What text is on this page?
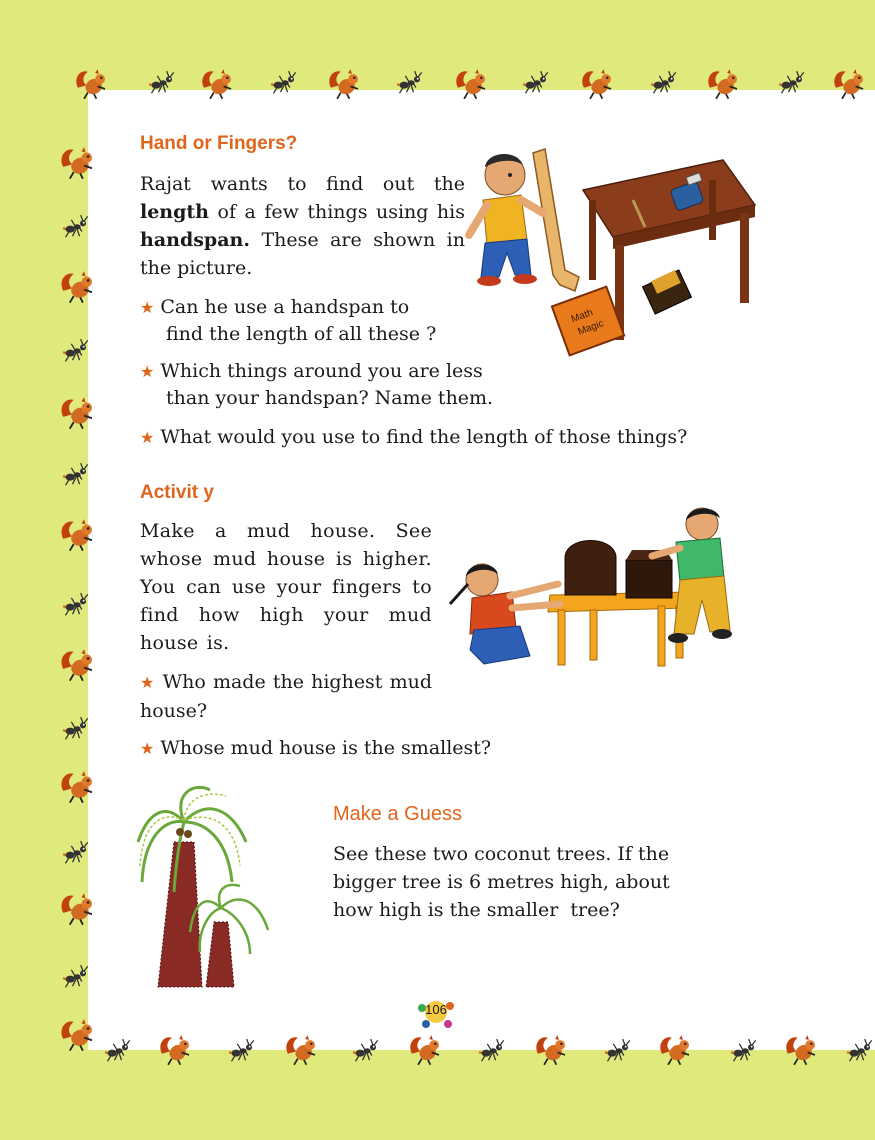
Hand or Fingers?
Rajat wants to find out the length of a few things using his handspan. These are shown in the picture.
★ Can he use a handspan to
find the length of all these ?
★ Which things around you are less
than your handspan? Name them.
★ What would you use to find the length of those things?
Math
Magic
Activit y
Make a mud house. See whose mud house is higher. You can use your fingers to find how high your mud house is.
★ Who made the highest mud house?
★ Whose mud house is the smallest?
Make a Guess
See these two coconut trees. If the
bigger tree is 6 metres high, about
how high is the smaller  tree?
106
